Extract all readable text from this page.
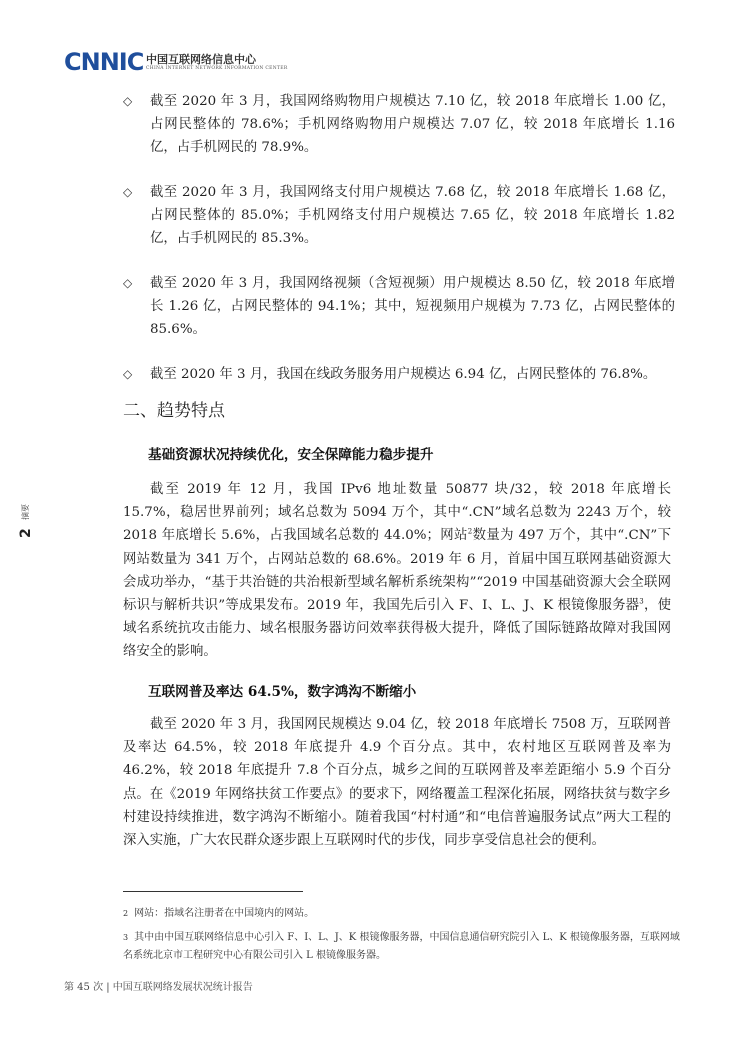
CNNIC 中国互联网络信息中心
CHINA INTERNET NETWORK INFORMATION CENTER
◇ 截至 2020 年 3 月，我国网络购物用户规模达 7.10 亿，较 2018 年底增长 1.00 亿，占网民整体的 78.6%；手机网络购物用户规模达 7.07 亿，较 2018 年底增长 1.16 亿，占手机网民的 78.9%。
◇ 截至 2020 年 3 月，我国网络支付用户规模达 7.68 亿，较 2018 年底增长 1.68 亿，占网民整体的 85.0%；手机网络支付用户规模达 7.65 亿，较 2018 年底增长 1.82 亿，占手机网民的 85.3%。
◇ 截至 2020 年 3 月，我国网络视频（含短视频）用户规模达 8.50 亿，较 2018 年底增长 1.26 亿，占网民整体的 94.1%；其中，短视频用户规模为 7.73 亿，占网民整体的 85.6%。
◇ 截至 2020 年 3 月，我国在线政务服务用户规模达 6.94 亿，占网民整体的 76.8%。
二、趋势特点
基础资源状况持续优化，安全保障能力稳步提升
截至 2019 年 12 月，我国 IPv6 地址数量 50877 块/32，较 2018 年底增长 15.7%，稳居世界前列；域名总数为 5094 万个，其中“.CN”域名总数为 2243 万个，较 2018 年底增长 5.6%，占我国域名总数的 44.0%；网站$^2$数量为 497 万个，其中“.CN”下网站数量为 341 万个，占网站总数的 68.6%。2019 年 6 月，首届中国互联网基础资源大会成功举办，“基于共治链的共治根新型域名解析系统架构”“2019 中国基础资源大会全联网标识与解析共识”等成果发布。2019 年，我国先后引入 F、I、L、J、K 根镜像服务器$^3$，使域名系统抗攻击能力、域名根服务器访问效率获得极大提升，降低了国际链路故障对我国网络安全的影响。
互联网普及率达 64.5%，数字鸿沟不断缩小
截至 2020 年 3 月，我国网民规模达 9.04 亿，较 2018 年底增长 7508 万，互联网普及率达 64.5%，较 2018 年底提升 4.9 个百分点。其中，农村地区互联网普及率为 46.2%，较 2018 年底提升 7.8 个百分点，城乡之间的互联网普及率差距缩小 5.9 个百分点。在《2019 年网络扶贫工作要点》的要求下，网络覆盖工程深化拓展，网络扶贫与数字乡村建设持续推进，数字鸿沟不断缩小。随着我国“村村通”和“电信普遍服务试点”两大工程的深入实施，广大农民群众逐步跟上互联网时代的步伐，同步享受信息社会的便利。
摘要
2
$^2$ 网站：指域名注册者在中国境内的网站。
$^3$ 其中由中国互联网络信息中心引入 F、I、L、J、K 根镜像服务器，中国信息通信研究院引入 L、K 根镜像服务器，互联网域名系统北京市工程研究中心有限公司引入 L 根镜像服务器。
第 45 次 | 中国互联网络发展状况统计报告
